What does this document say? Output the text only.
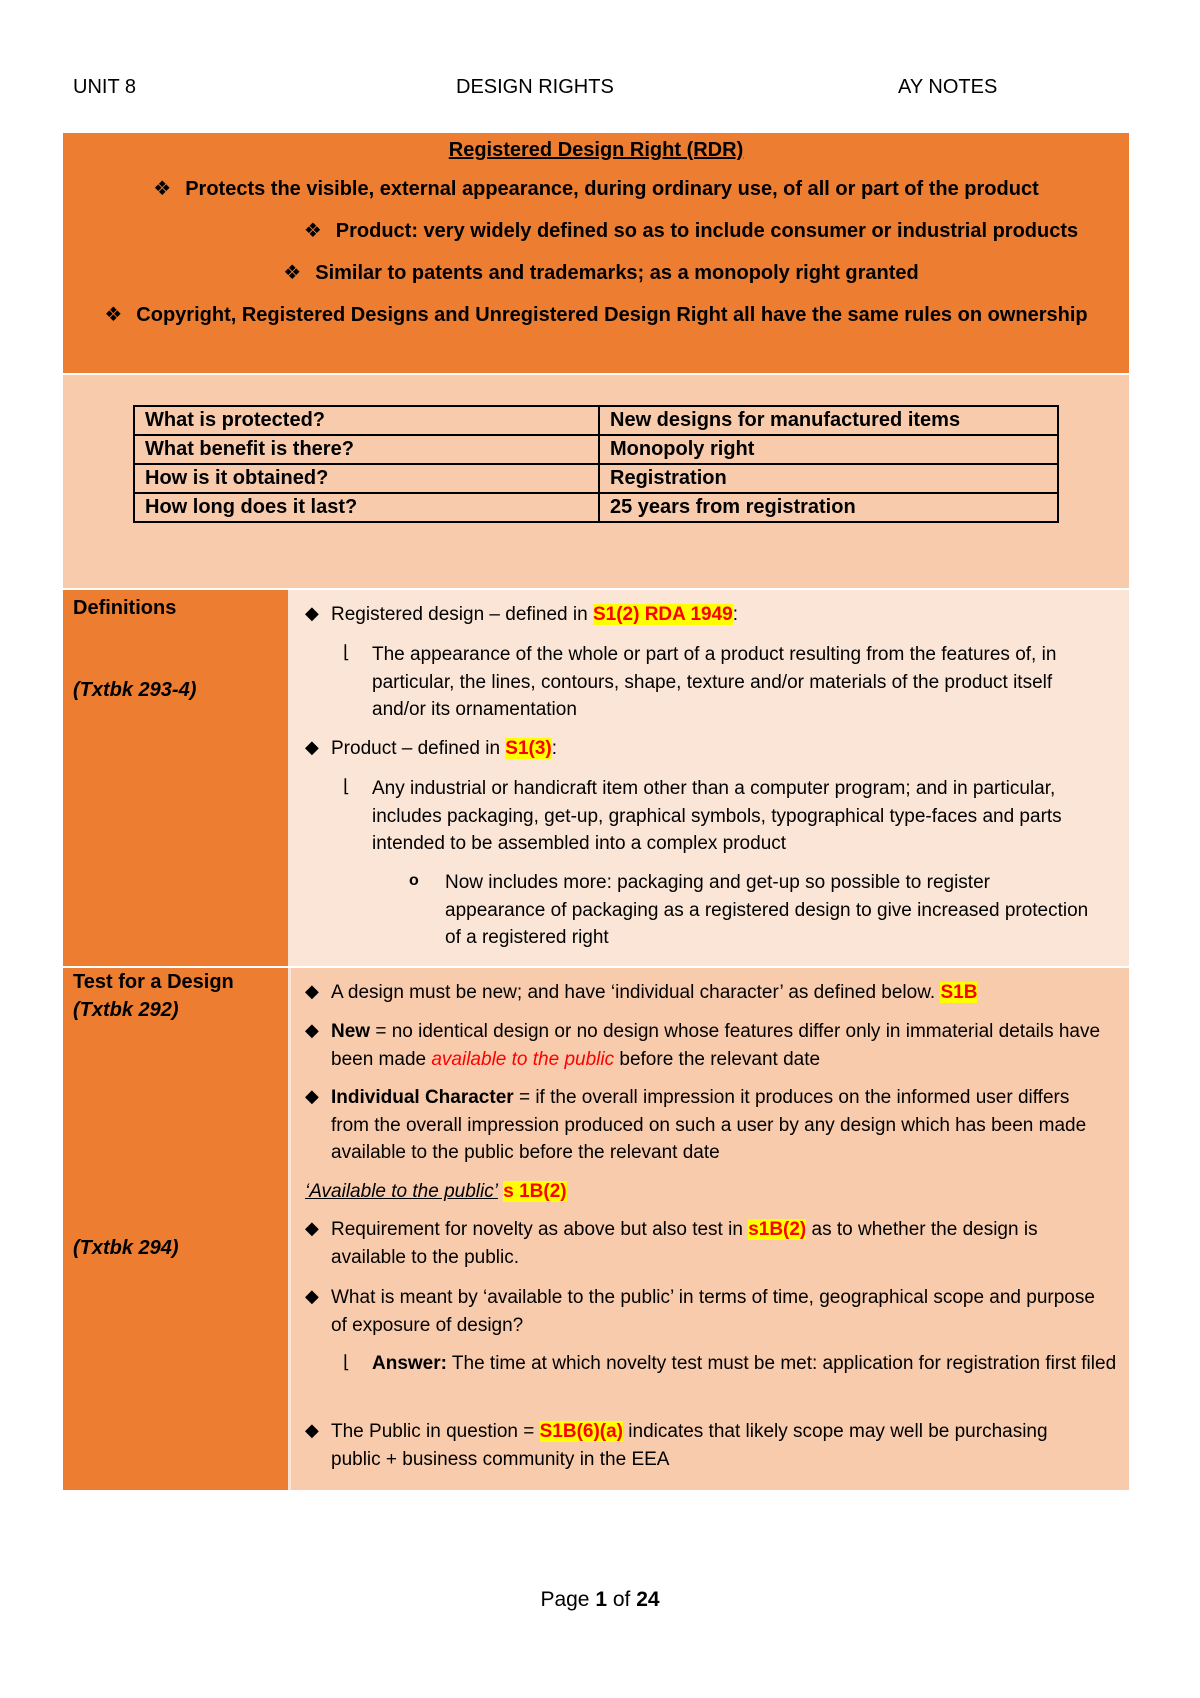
UNIT 8	DESIGN RIGHTS	AY NOTES
Registered Design Right (RDR)
❖ Protects the visible, external appearance, during ordinary use, of all or part of the product
❖ Product: very widely defined so as to include consumer or industrial products
❖ Similar to patents and trademarks; as a monopoly right granted
❖ Copyright, Registered Designs and Unregistered Design Right all have the same rules on ownership
What is protected?	New designs for manufactured items
What benefit is there?	Monopoly right
How is it obtained?	Registration
How long does it last?	25 years from registration
Definitions
(Txtbk 293-4)
◆ Registered design – defined in S1(2) RDA 1949:
⌊ The appearance of the whole or part of a product resulting from the features of, in particular, the lines, contours, shape, texture and/or materials of the product itself and/or its ornamentation
◆ Product – defined in S1(3):
⌊ Any industrial or handicraft item other than a computer program; and in particular, includes packaging, get-up, graphical symbols, typographical type-faces and parts intended to be assembled into a complex product
o Now includes more: packaging and get-up so possible to register appearance of packaging as a registered design to give increased protection of a registered right
Test for a Design
(Txtbk 292)
(Txtbk 294)
◆ A design must be new; and have ‘individual character’ as defined below. S1B
◆ New = no identical design or no design whose features differ only in immaterial details have been made available to the public before the relevant date
◆ Individual Character = if the overall impression it produces on the informed user differs from the overall impression produced on such a user by any design which has been made available to the public before the relevant date
‘Available to the public’ s 1B(2)
◆ Requirement for novelty as above but also test in s1B(2) as to whether the design is available to the public.
◆ What is meant by ‘available to the public’ in terms of time, geographical scope and purpose of exposure of design?
⌊ Answer: The time at which novelty test must be met: application for registration first filed
◆ The Public in question = S1B(6)(a) indicates that likely scope may well be purchasing public + business community in the EEA
Page 1 of 24
